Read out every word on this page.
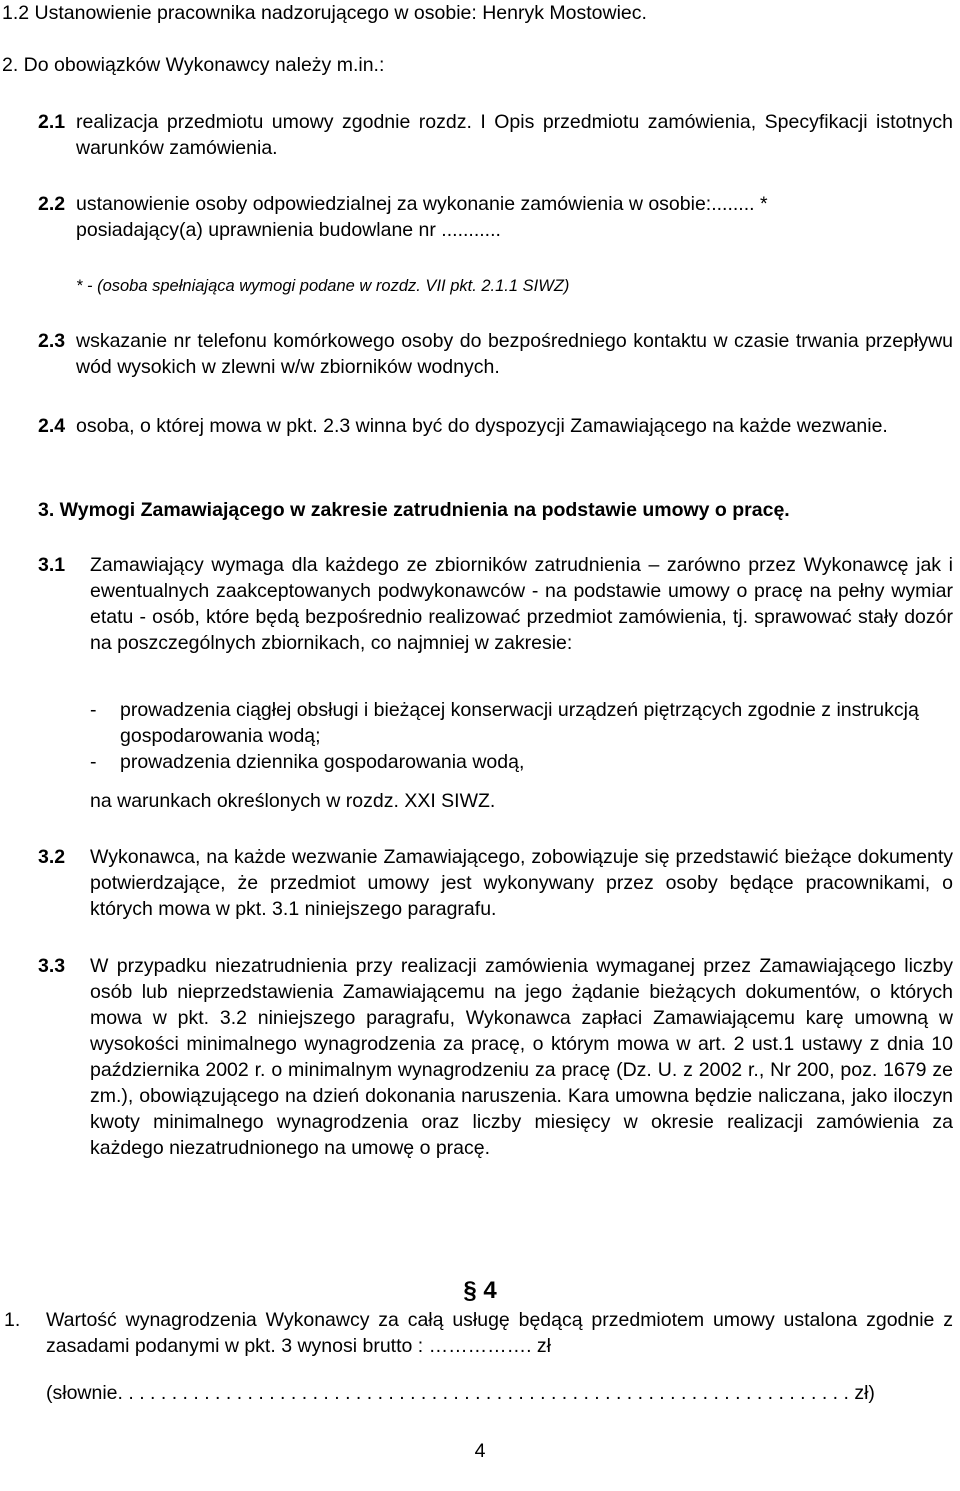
1.2 Ustanowienie pracownika nadzorującego w osobie: Henryk Mostowiec.
2. Do obowiązków Wykonawcy należy m.in.:
2.1 realizacja przedmiotu umowy zgodnie rozdz. I Opis przedmiotu zamówienia, Specyfikacji istotnych warunków zamówienia.
2.2 ustanowienie osoby odpowiedzialnej za wykonanie zamówienia w osobie:........ *
posiadający(a) uprawnienia budowlane nr ...........
* - (osoba spełniająca wymogi podane w rozdz. VII pkt. 2.1.1 SIWZ)
2.3 wskazanie nr telefonu komórkowego osoby do bezpośredniego kontaktu w czasie trwania przepływu wód wysokich w zlewni w/w zbiorników wodnych.
2.4 osoba, o której mowa w pkt. 2.3 winna być do dyspozycji Zamawiającego na każde wezwanie.
3. Wymogi Zamawiającego w zakresie zatrudnienia na podstawie umowy o pracę.
3.1 Zamawiający wymaga dla każdego ze zbiorników zatrudnienia – zarówno przez Wykonawcę jak i ewentualnych zaakceptowanych podwykonawców - na podstawie umowy o pracę na pełny wymiar etatu - osób, które będą bezpośrednio realizować przedmiot zamówienia, tj. sprawować stały dozór na poszczególnych zbiornikach, co najmniej w zakresie:
- prowadzenia ciągłej obsługi i bieżącej konserwacji urządzeń piętrzących zgodnie z instrukcją gospodarowania wodą;
- prowadzenia dziennika gospodarowania wodą,
na warunkach określonych w rozdz. XXI SIWZ.
3.2 Wykonawca, na każde wezwanie Zamawiającego, zobowiązuje się przedstawić bieżące dokumenty potwierdzające, że przedmiot umowy jest wykonywany przez osoby będące pracownikami, o których mowa w pkt. 3.1 niniejszego paragrafu.
3.3 W przypadku niezatrudnienia przy realizacji zamówienia wymaganej przez Zamawiającego liczby osób lub nieprzedstawienia Zamawiającemu na jego żądanie bieżących dokumentów, o których mowa w pkt. 3.2 niniejszego paragrafu, Wykonawca zapłaci Zamawiającemu karę umowną w wysokości minimalnego wynagrodzenia za pracę, o którym mowa w art. 2 ust.1 ustawy z dnia 10 października 2002 r. o minimalnym wynagrodzeniu za pracę (Dz. U. z 2002 r., Nr 200, poz. 1679 ze zm.), obowiązującego na dzień dokonania naruszenia. Kara umowna będzie naliczana, jako iloczyn kwoty minimalnego wynagrodzenia oraz liczby miesięcy w okresie realizacji zamówienia za każdego niezatrudnionego na umowę o pracę.
§ 4
1. Wartość wynagrodzenia Wykonawcy za całą usługę będącą przedmiotem umowy ustalona zgodnie z zasadami podanymi w pkt. 3 wynosi brutto : ……………. zł
(słownie. . . . . . . . . . . . . . . . . . . . . . . . . . . . . . . . . . . . . . . . . . . . . . . . . . . . . . . . . . . . . . . . . . . . zł)
4
